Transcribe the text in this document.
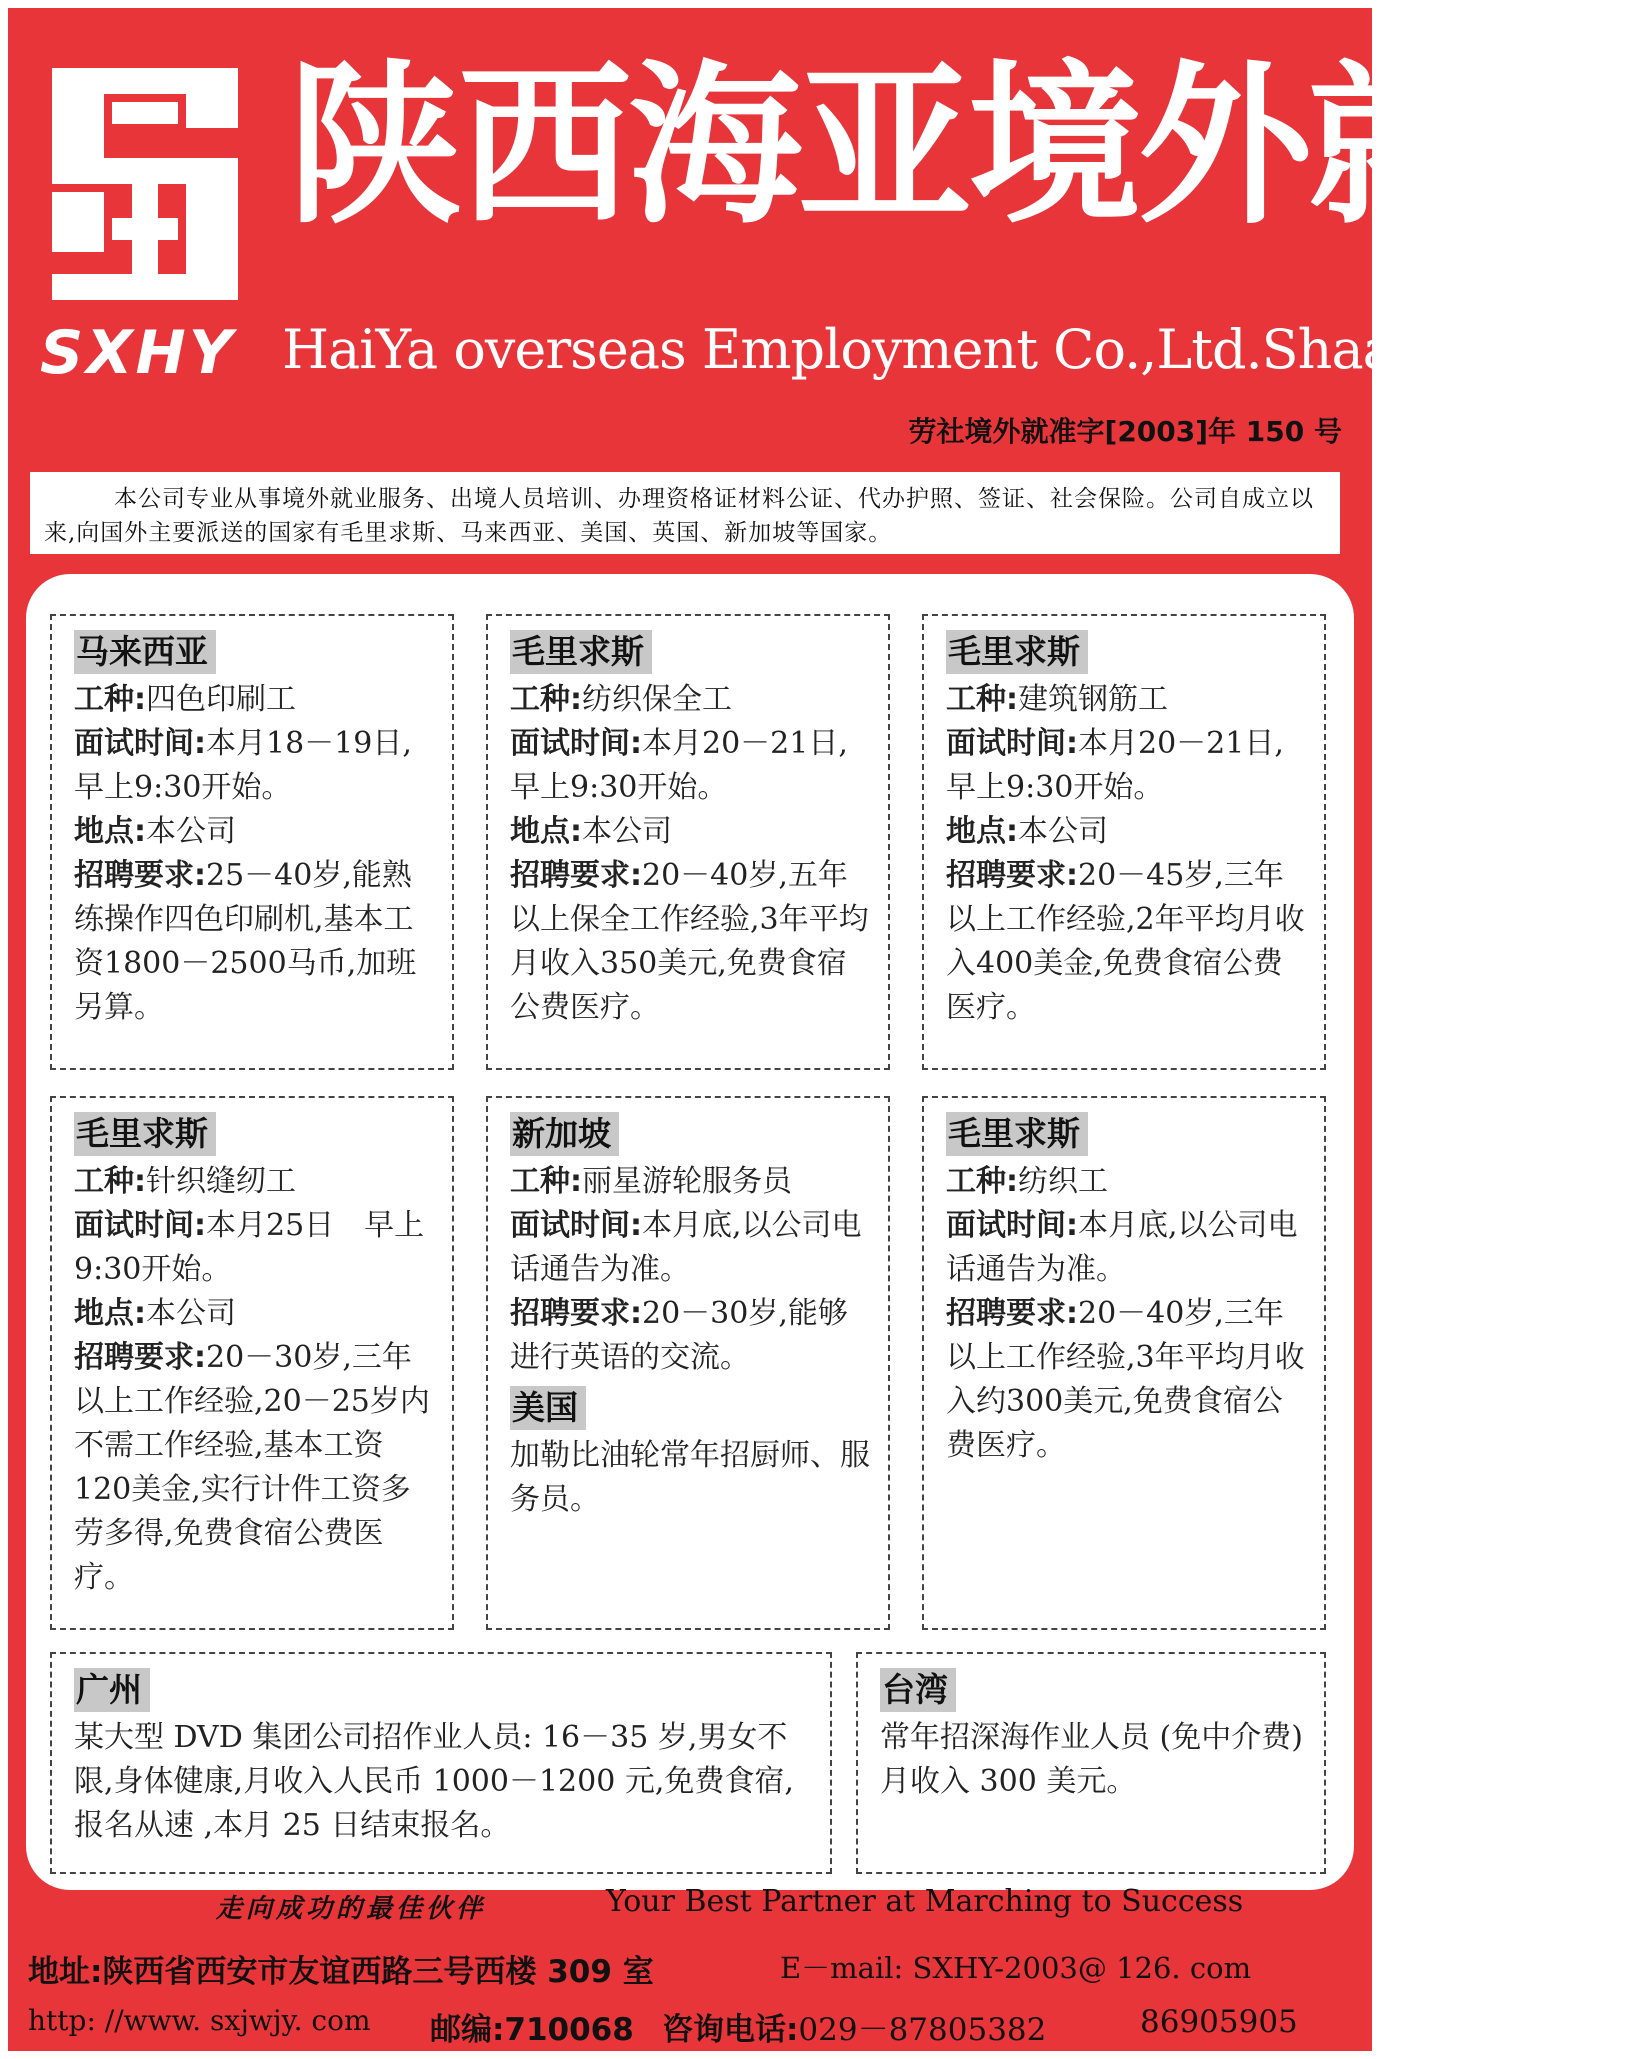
SXHY
陕西海亚境外就业
HaiYa overseas Employment Co.,Ltd.Shaanxi
劳社境外就准字[2003]年 150 号
本公司专业从事境外就业服务、出境人员培训、办理资格证材料公证、代办护照、签证、社会保险。公司自成立以来,向国外主要派送的国家有毛里求斯、马来西亚、美国、英国、新加坡等国家。
马来西亚
工种:四色印刷工
面试时间:本月18－19日,早上9:30开始。
地点:本公司
招聘要求:25－40岁,能熟练操作四色印刷机,基本工资1800－2500马币,加班另算。
毛里求斯
工种:纺织保全工
面试时间:本月20－21日,早上9:30开始。
地点:本公司
招聘要求:20－40岁,五年以上保全工作经验,3年平均月收入350美元,免费食宿公费医疗。
毛里求斯
工种:建筑钢筋工
面试时间:本月20－21日,早上9:30开始。
地点:本公司
招聘要求:20－45岁,三年以上工作经验,2年平均月收入400美金,免费食宿公费医疗。
毛里求斯
工种:针织缝纫工
面试时间:本月25日　早上9:30开始。
地点:本公司
招聘要求:20－30岁,三年以上工作经验,20－25岁内不需工作经验,基本工资120美金,实行计件工资多劳多得,免费食宿公费医疗。
新加坡
工种:丽星游轮服务员
面试时间:本月底,以公司电话通告为准。
招聘要求:20－30岁,能够进行英语的交流。
美国
加勒比油轮常年招厨师、服务员。
毛里求斯
工种:纺织工
面试时间:本月底,以公司电话通告为准。
招聘要求:20－40岁,三年以上工作经验,3年平均月收入约300美元,免费食宿公费医疗。
广州
某大型 DVD 集团公司招作业人员: 16－35 岁,男女不限,身体健康,月收入人民币 1000－1200 元,免费食宿,报名从速 ,本月 25 日结束报名。
台湾
常年招深海作业人员 (免中介费) 月收入 300 美元。
走向成功的最佳伙伴	Your Best Partner at Marching to Success
地址:陕西省西安市友谊西路三号西楼 309 室	E－mail: SXHY-2003@ 126. com
http: //www. sxjwjy. com 邮编:710068 咨询电话:029－87805382	86905905
